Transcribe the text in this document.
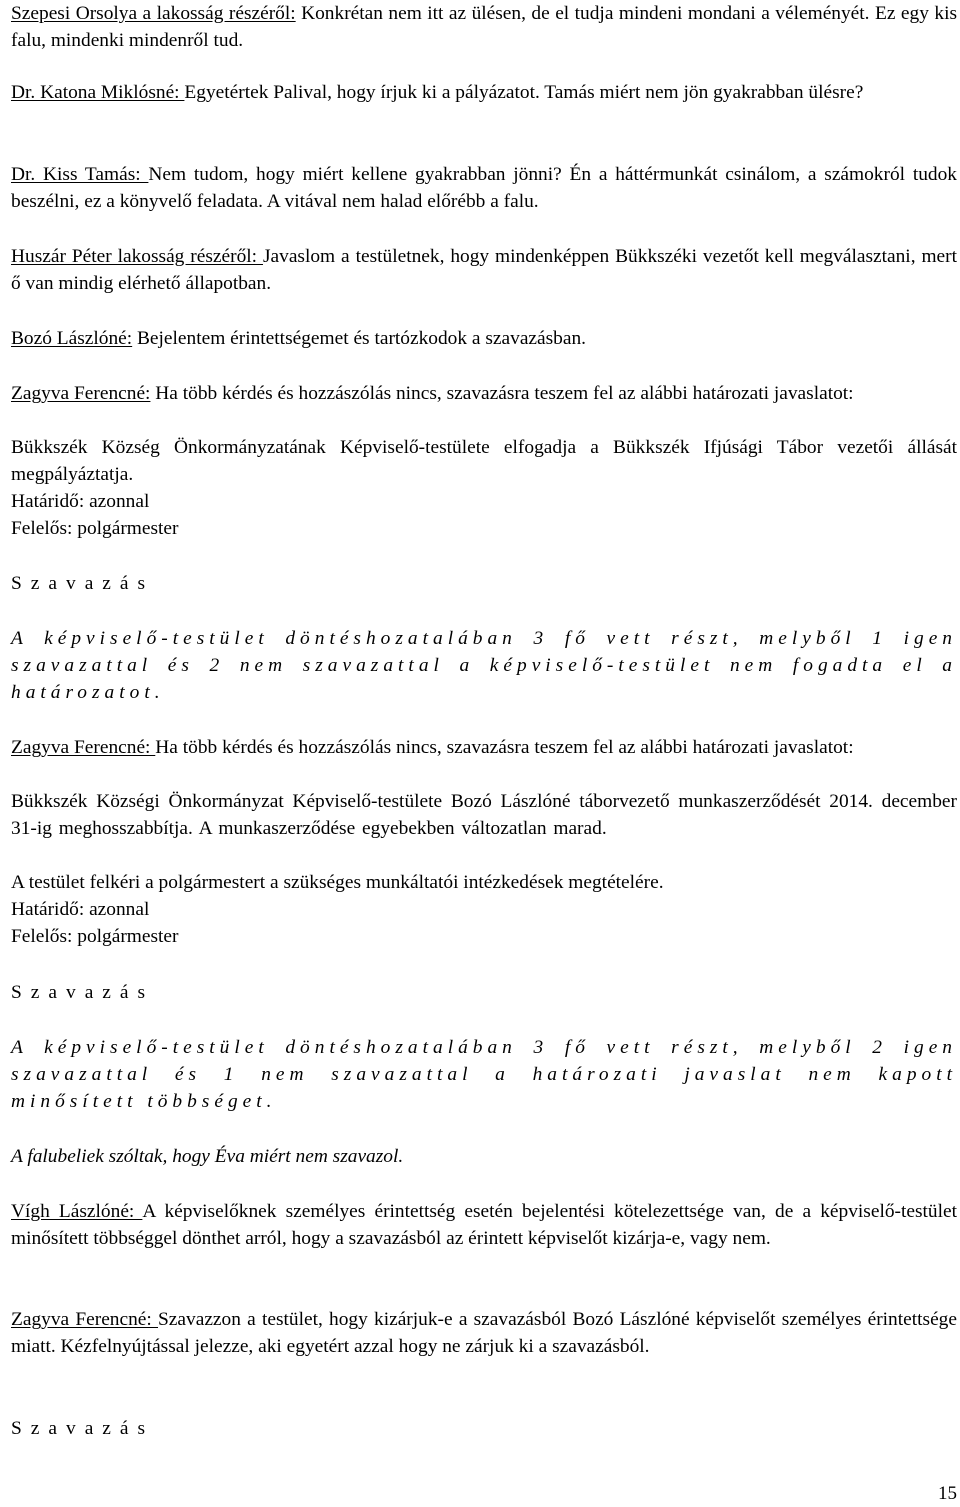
Szepesi Orsolya a lakosság részéről: Konkrétan nem itt az ülésen, de el tudja mindeni mondani a véleményét. Ez egy kis falu, mindenki mindenről tud.

Dr. Katona Miklósné: Egyetértek Palival, hogy írjuk ki a pályázatot. Tamás miért nem jön gyakrabban ülésre?

Dr. Kiss Tamás: Nem tudom, hogy miért kellene gyakrabban jönni? Én a háttérmunkát csinálom, a számokról tudok beszélni, ez a könyvelő feladata. A vitával nem halad előrébb a falu.

Huszár Péter lakosság részéről: Javaslom a testületnek, hogy mindenképpen Bükkszéki vezetőt kell megválasztani, mert ő van mindig elérhető állapotban.

Bozó Lászlóné: Bejelentem érintettségemet és tartózkodok a szavazásban.

Zagyva Ferencné: Ha több kérdés és hozzászólás nincs, szavazásra teszem fel az alábbi határozati javaslatot:

Bükkszék Község Önkormányzatának Képviselő-testülete elfogadja a Bükkszék Ifjúsági Tábor vezetői állását megpályáztatja.

Határidő: azonnal

Felelős: polgármester

Szavazás

A képviselő-testület döntéshozatalában 3 fő vett részt, melyből 1 igen szavazattal és 2 nem szavazattal a képviselő-testület nem fogadta el a határozatot.

Zagyva Ferencné: Ha több kérdés és hozzászólás nincs, szavazásra teszem fel az alábbi határozati javaslatot:

Bükkszék Községi Önkormányzat Képviselő-testülete Bozó Lászlóné táborvezető munkaszerződését 2014. december 31-ig meghosszabbítja. A munkaszerződése egyebekben változatlan marad.

A testület felkéri a polgármestert a szükséges munkáltatói intézkedések megtételére.

Határidő: azonnal

Felelős: polgármester

Szavazás

A képviselő-testület döntéshozatalában 3 fő vett részt, melyből 2 igen szavazattal és 1 nem szavazattal a határozati javaslat nem kapott minősített többséget.

A falubeliek szóltak, hogy Éva miért nem szavazol.

Vígh Lászlóné: A képviselőknek személyes érintettség esetén bejelentési kötelezettsége van, de a képviselő-testület minősített többséggel dönthet arról, hogy a szavazásból az érintett képviselőt kizárja-e, vagy nem.

Zagyva Ferencné: Szavazzon a testület, hogy kizárjuk-e a szavazásból Bozó Lászlóné képviselőt személyes érintettsége miatt. Kézfelnyújtással jelezze, aki egyetért azzal hogy ne zárjuk ki a szavazásból.

Szavazás

15
